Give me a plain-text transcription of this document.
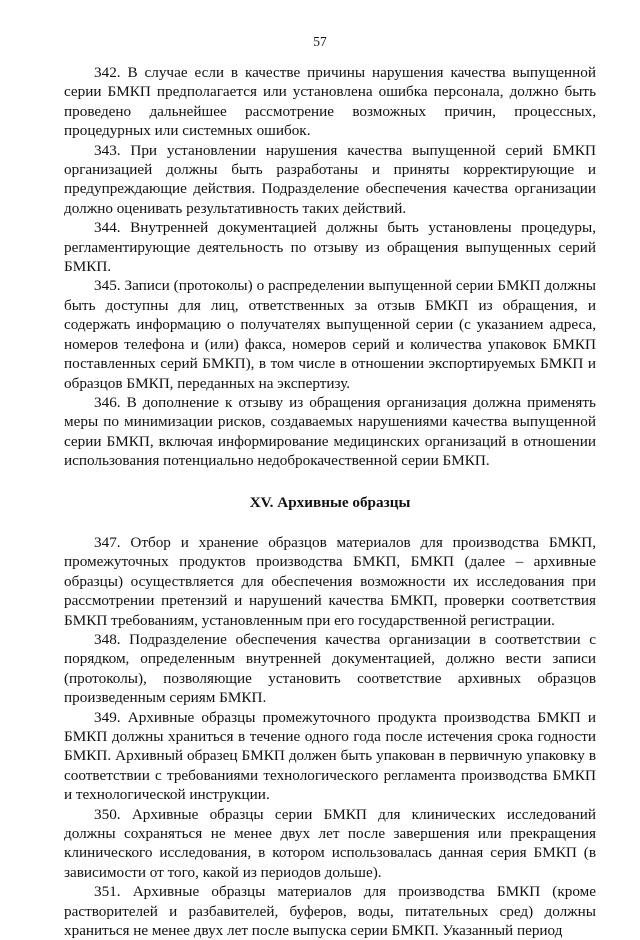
57

342. В случае если в качестве причины нарушения качества выпущенной серии БМКП предполагается или установлена ошибка персонала, должно быть проведено дальнейшее рассмотрение возможных причин, процессных, процедурных или системных ошибок.

343. При установлении нарушения качества выпущенной серий БМКП организацией должны быть разработаны и приняты корректирующие и предупреждающие действия. Подразделение обеспечения качества организации должно оценивать результативность таких действий.

344. Внутренней документацией должны быть установлены процедуры, регламентирующие деятельность по отзыву из обращения выпущенных серий БМКП.

345. Записи (протоколы) о распределении выпущенной серии БМКП должны быть доступны для лиц, ответственных за отзыв БМКП из обращения, и содержать информацию о получателях выпущенной серии (с указанием адреса, номеров телефона и (или) факса, номеров серий и количества упаковок БМКП поставленных серий БМКП), в том числе в отношении экспортируемых БМКП и образцов БМКП, переданных на экспертизу.

346. В дополнение к отзыву из обращения организация должна применять меры по минимизации рисков, создаваемых нарушениями качества выпущенной серии БМКП, включая информирование медицинских организаций в отношении использования потенциально недоброкачественной серии БМКП.

XV. Архивные образцы

347. Отбор и хранение образцов материалов для производства БМКП, промежуточных продуктов производства БМКП, БМКП (далее – архивные образцы) осуществляется для обеспечения возможности их исследования при рассмотрении претензий и нарушений качества БМКП, проверки соответствия БМКП требованиям, установленным при его государственной регистрации.

348. Подразделение обеспечения качества организации в соответствии с порядком, определенным внутренней документацией, должно вести записи (протоколы), позволяющие установить соответствие архивных образцов произведенным сериям БМКП.

349. Архивные образцы промежуточного продукта производства БМКП и БМКП должны храниться в течение одного года после истечения срока годности БМКП. Архивный образец БМКП должен быть упакован в первичную упаковку в соответствии с требованиями технологического регламента производства БМКП и технологической инструкции.

350. Архивные образцы серии БМКП для клинических исследований должны сохраняться не менее двух лет после завершения или прекращения клинического исследования, в котором использовалась данная серия БМКП (в зависимости от того, какой из периодов дольше).

351. Архивные образцы материалов для производства БМКП (кроме растворителей и разбавителей, буферов, воды, питательных сред) должны храниться не менее двух лет после выпуска серии БМКП. Указанный период
